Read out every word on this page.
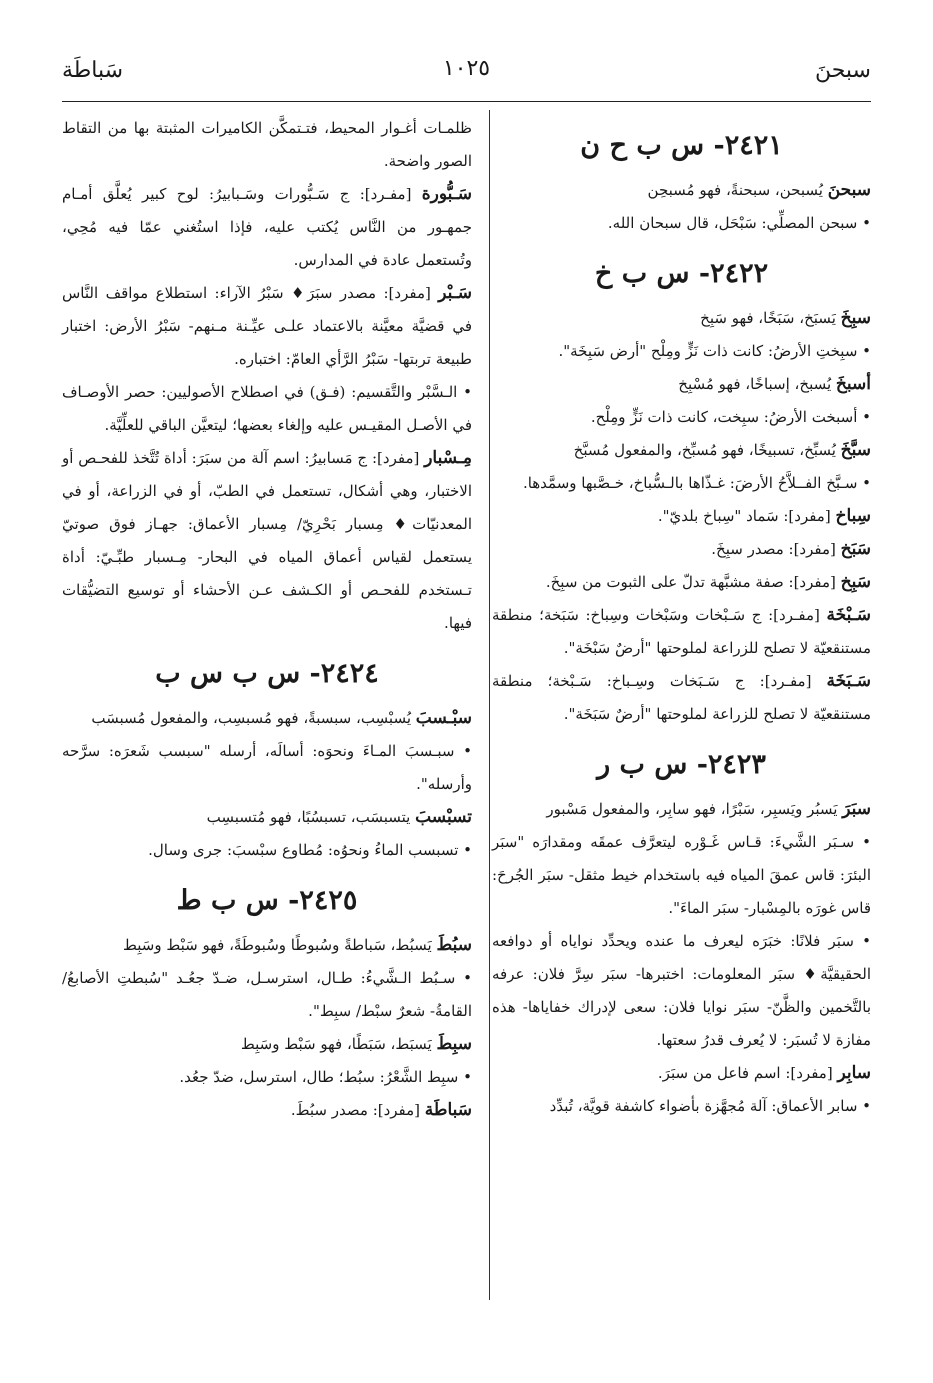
سبحنَ
١٠٢٥
سَباطَة
٢٤٢١- س ب ح ن

سبحنَ يُسبحن، سبحنةً، فهو مُسبحِن

• سبحن المصلِّي: سَبْحَل، قال سبحان الله.

٢٤٢٢- س ب خ

سبِخَ يَسبَخ، سَبَخًا، فهو سَبِخ

• سبِختِ الأرضُ: كانت ذات نَزٍّ ومِلْح "أرض سَبِخَة".

أسبخَ يُسبخ، إسباخًا، فهو مُسْبِخ

• أسبخت الأرضُ: سبِخت، كانت ذات نَزٍّ ومِلْح.

سبَّخَ يُسبِّخ، تسبيخًا، فهو مُسبِّخ، والمفعول مُسبَّخ

• سـبَّخ الفــلاَّحُ الأرضَ: غـذّاها بالـسُّباخ، خـصَّبها وسمَّدها.

سِباخ [مفرد]: سَماد "سِباخ بلديّ".

سَبَخ [مفرد]: مصدر سبِخَ.

سَبِخ [مفرد]: صفة مشبَّهة تدلّ على الثبوت من سبِخَ.

سَـبْخَة [مفـرد]: ج سَـبْخات وسَبْخات وسِباخ: سَبَخة؛ منطقة مستنقعيّة لا تصلح للزراعة لملوحتها "أرضٌ سَبْخَة".

سَـبَخَة [مفـرد]: ج سَـبَخات وسِـباخ: سَـبْخة؛ منطقة مستنقعيّة لا تصلح للزراعة لملوحتها "أرضٌ سَبَخَة".

٢٤٢٣- س ب ر

سبَرَ يَسبُر ويَسبِر، سَبْرًا، فهو سابِر، والمفعول مَسْبور

• سـبَر الشَّيءَ: قـاس غَـوْره ليتعرَّف عمقَه ومقدارَه "سبَر البئرَ: قاس عمقَ المياه فيه باستخدام خيط مثقل- سبَر الجُرحَ: قاس غورَه بالمِسْبار- سبَر الماءَ".

• سبَر فلانًا: خبَرَه ليعرف ما عنده ويحدِّد نواياه أو دوافعه الحقيقيَّة♦ سبَر المعلومات: اختبرها- سبَر سِرَّ فلان: عرفه بالتَّخمين والظَّنّ- سبَر نوايا فلان: سعى لإدراك خفاياها- هذه مفازة لا تُسبَر: لا يُعرف قدرُ سعتها.

سابِر [مفرد]: اسم فاعل من سبَرَ.

• سابر الأعماق: آلة مُجهَّزة بأضواء كاشفة قويَّة، تُبدِّد

ظلمـات أغـوار المحيط، فتـتمكَّن الكاميرات المثبتة بها من التقاط الصور واضحة.

سَـبُّورة [مفـرد]: ج سَـبُّورات وسَـبابيرُ: لوح كبير يُعلَّق أمـام جمهـور من النَّاس يُكتب عليه، فإذا استُغني عمّا فيه مُحِي، وتُستعمل عادة في المدارس.

سَـبْر [مفرد]: مصدر سبَرَ♦ سَبْرُ الآراء: استطلاع مواقف النَّاس في قضيَّة معيَّنة بالاعتماد علـى عيِّـنة مـنهم- سَبْرُ الأرض: اختبار طبيعة تربتها- سَبْرُ الرَّأي العامّ: اختباره.

• الـسَّبْر والتَّقسيم: (فـق) في اصطلاح الأصوليين: حصر الأوصـاف في الأصـل المقيـس عليه وإلغاء بعضها؛ ليتعيَّن الباقي للعلِّيَّة.

مِـسْبار [مفرد]: ج مَسابيرُ: اسم آلة من سبَرَ: أداة تُتَّخذ للفحـص أو الاختبار، وهي أشكال، تستعمل في الطبّ، أو في الزراعة، أو في المعدنيّات♦ مِسبار بَحْرِيّ/ مِسبار الأعماق: جهـاز فوق صوتيّ يستعمل لقياس أعماق المياه في البحار- مِـسبار طبِّـيّ: أداة تـستخدم للفحـص أو الكـشف عـن الأحشاء أو توسيع التضيُّقات فيها.

٢٤٢٤- س ب س ب

سبْـسبَ يُسبْسِب، سبسبةً، فهو مُسبسِب، والمفعول مُسبسَب

• سبـسبَ المـاءَ ونحوَه: أسالَه، أرسله "سبسب شَعرَه: سرَّحه وأرسله".

تسبْسبَ يتسبسَب، تسبسُبًا، فهو مُتسبسِب

• تسبسب الماءُ ونحوُه: مُطاوع سبْسبَ: جرى وسال.

٢٤٢٥- س ب ط

سبُطَ يَسبُط، سَباطةً وسُبوطًا وسُبوطَةً، فهو سَبْط وسَبِط

• سـبُط الـشَّيءُ: طـال، استرسـل، ضـدّ جعُـد "سُبطتِ الأصابعُ/ القامةُ- شعرٌ سبْط/ سبِط".

سبِطَ يَسبَط، سَبَطًا، فهو سَبْط وسَبِط

• سبِط الشَّعْرُ: سبُط؛ طال، استرسل، ضدّ جعُد.

سَباطَة [مفرد]: مصدر سبُطَ.
